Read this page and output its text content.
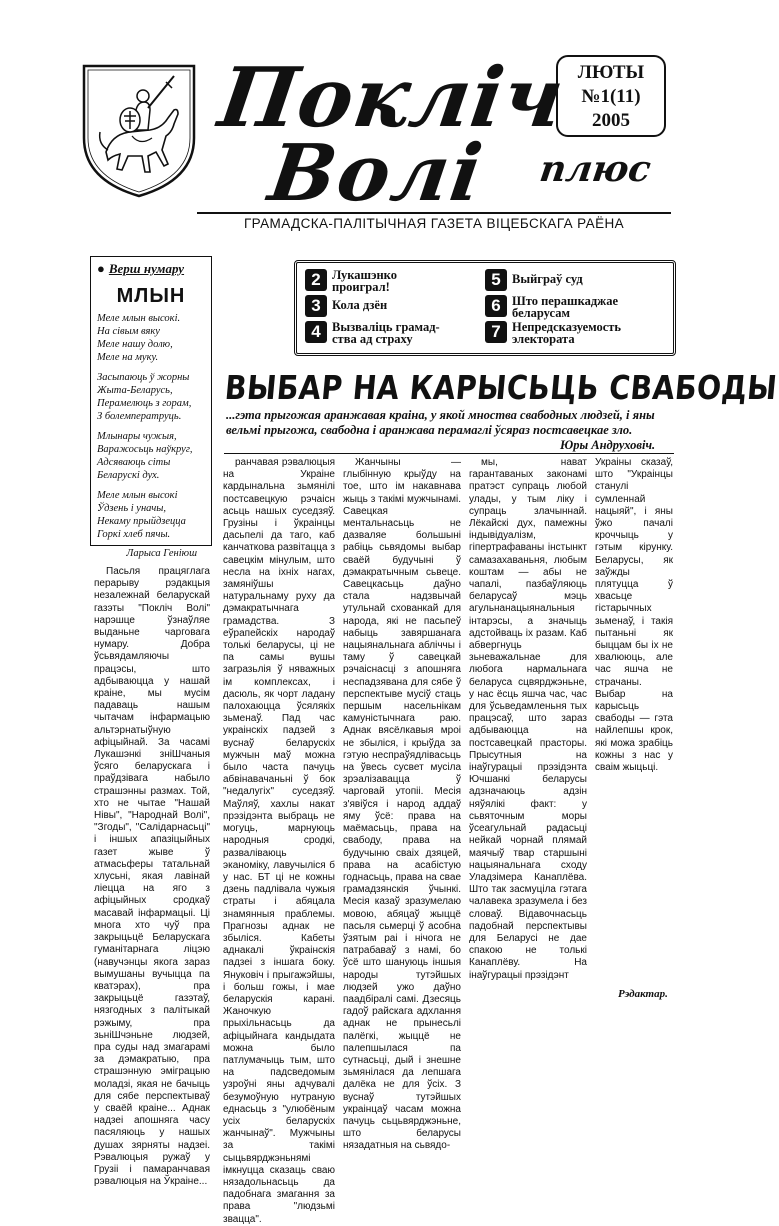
Покліч
Волі плюс
ЛЮТЫ
№1(11)
2005
ГРАМАДСКА-ПАЛІТЫЧНАЯ ГАЗЕТА ВІЦЕБСКАГА РАЁНА
● Верш нумару
МЛЫН
Меле млын высокі.
На сівым вяку
Меле нашу долю,
Меле на муку.
Засыпаюць ў жорны
Жыта-Беларусь,
Перамелюць з горам,
З болемператруць.
Млынары чужыя,
Варажосьць наўкруг,
Адсяваюць сіты
Беларускі дух.
Меле млын высокі
Ўдзень і уначы,
Некаму прыйдзецца
Горкі хлеб пячы.
Ларыса Геніюш
2 Лукашэнко
проиграл!
3 Кола дзён
4 Вызваліць грамад-
ства ад страху
5 Выйграў суд
6 Што перашкаджае
беларусам
7 Непредсказуемость
электората
ВЫБАР НА КАРЫСЬЦЬ СВАБОДЫ
...гэта прыгожая аранжавая краіна, у якой мноства свабодных людзей, і яны вельмі прыгожа, свабодна і аранжава перамаглі ўсяраз постсавецкае зло.
Юры Андруховіч.

Пасьля працяглага перарыву рэдакцыя незалежнай беларускай газэты "Покліч Волі" нарэшце ўзнаўляе выданьне чарговага нумару. Добра ўсьвядамляючы працэсы, што адбываюцца у нашай краіне, мы мусім падаваць нашым чытачам інфармацыю альтэрнатыўную афіцыйнай. За часамі Лукашэнкі зніШчаныя ўсяго беларускага і праўдзівага набыло страшэнны размах. Той, хто не чытае "Нашай Нівы", "Народнай Волі", "Згоды", "Салідарнасьці" і іншых апазіцыйных газет жыве ў атмасьферы татальнай хлусьні, якая лавінай ліецца на яго з афіцыйных сродкаў масавай інфармацыі. Ці многа хто чуў пра закрыцьцё Беларускага гуманітарнага ліцэю (навучэнцы якога зараз вымушаны вучыцца па кватэрах), пра закрыцьцё газэтаў, нязгодных з палітыкай рэжыму, пра зьніШчэньне людзей, пра суды над змагарамі за дэмакратыю, пра страшэнную эміграцыю моладзі, якая не бачыць для сябе перспектываў у сваёй краіне... Аднак надзеі апошняга часу пасяляюць у нашых душах зярняты надзеі. Рэвалюцыя ружаў у Грузіі і памаранчавая рэвалюцыя на Ўкраіне...

ранчавая рэвалюцыя на Украіне кардынальна зьмянілі постсавецкую рэчаісн асьць нашых суседзяў. Грузіны і ўкраінцы дасьпелі да таго, каб канчаткова развітацца з савецкім мінулым, што несла на іхніх нагах, замяніўшы натуральнаму руху да дэмакратычнага грамадства. З еўрапейскіх народаў толькі беларусы, ці не па самы вушы загразьлія ў няважных ім комплексах, і дасюль, як чорт ладану палохаюцца ўсялякіх зьменаў. Пад час украінскіх падзей з вуснаў беларускіх мужчын маў можна было часта пачуць абвінавачаньні ў бок "недалугіх" суседзяў. Маўляў, хахлы накат прэзідэнта выбраць не могуць, марнуюць народныя сродкі, разваліваюць эканоміку, лавучыліся б у нас. БТ ці не кожны дзень падлівала чужыя страты і абяцала знамянныя праблемы. Прагнозы аднак не збыліся. Кабеты аднакалі ўкраінскія падзеі з іншага боку. Януковіч і прыгажэйшы, і больш гожы, і мае беларускія карані. Жаночкую прыхільнасьць да афіцыйнага кандыдата можна было патлумачыць тым, што на падсведомым узроўні яны адчувалі безумоўную нутраную еднасьць з "улюбёным усіх беларускіх жанчынаў". Мужчыны за такімі сыцьвярджэньнямі імкнуцца сказаць сваю нязадольнасьць да падобнага змагання за права "людзьмі звацца".

Жанчыны — глыбінную крыўду на тое, што ім накавнава жыць з такімі мужчынамі. Савецкая ментальнасьць не дазваляе большыні рабіць сьвядомы выбар сваёй будучыні ў дэмакратычным сьвеце. Савецкасьць даўно стала надзвычай утульнай схованкай для народа, які не пасьпеў набыць завяршанага нацыянальнага абліччы і таму ў савецкай рэчаіснасці з апошняга неспадзявана для сябе ў перспектыве мусіў стаць першым насельнікам камуністычнага раю. Аднак вясёлкавыя мроі не збыліся, і крыўда за гэтую неспраўядлівасьць на ўвесь сусвет мусіла зрэалізавацца ў чарговай утопіі. Месія з'явіўся і народ аддаў яму ўсё: права на маёмасьць, права на свабоду, права на будучыню сваіх дзяцей, права на асабістую годнасьць, права на свае грамадзянскія ўчынкі. Месія казаў зразумелаю мовою, абяцаў жыццё пасьля сьмерці ў асобна ўзятым раі і нічога не патрабаваў з намі, бо ўсё што шануюць іншыя народы тутэйшых людзей ужо даўно паадбіралі самі. Дзесяць гадоў райскага адхлання аднак не прынесьлі палёгкі, жыццё не палепшылася па сутнасьці, дый і знешне зьмянілася да лепшага далёка не для ўсіх. З вуснаў тутэйшых украінцаў часам можна пачуць сьцьвярджэньне, што беларусы нязадатныя на сьвядо-

мы, нават гарантаваных законамі пратэст супраць любой улады, у тым ліку і супраць злачыннай. Лёкайскі дух, памежны індывідуалізм, гіпертрафаваны інстынкт самазахаваньня, любым коштам — абы не чапалі, пазбаўляюць беларусаў мэць агульнанацыянальныя інтарэсы, а значыць адстойваць іх разам. Каб абвергнуць зьневажальнае для любога нармальнага беларуса сцвярджэньне, у нас ёсць яшча час, час для ўсьведамленьня тых працэсаў, што зараз адбываюцца на постсавецкай прасторы. Прысутныя на інаўгурацыі прэзідэнта Ючшанкі беларусы адзначаюць адзін няўялікі факт: у сьвяточным моры ўсеагульнай радасьці нейкай чорнай плямай маячыў твар старшыні нацыянальнага сходу Уладзімера Канаплёва. Што так засмуціла гэтага чалавека зразумела і без словаў. Відавочнасьць падобнай перспектывы для Беларусі не дае спакою не толькі Канаплёву. На інаўгурацыі прэзідэнт

Украіны сказаў, што "Украінцы станулі сумленнай нацыяй", і яны ўжо пачалі кроччыць у гэтым кірунку. Беларусы, як заўжды плятуцца ў хвасьце гістарычных зьменаў, і такія пытаньні як быццам бы іх не хвалююць, але час яшча не страчаны. Выбар на карысьць свабоды — гэта найлепшы крок, які можа зрабіць кожны з нас у сваім жыцьці.

Рэдактар.
